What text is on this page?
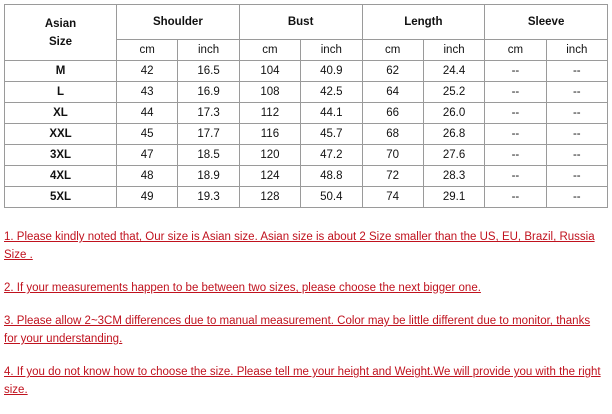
Asian
Size	Shoulder		Bust		Length		Sleeve	
	cm	inch	cm	inch	cm	inch	cm	inch
M	42	16.5	104	40.9	62	24.4	--	--
L	43	16.9	108	42.5	64	25.2	--	--
XL	44	17.3	112	44.1	66	26.0	--	--
XXL	45	17.7	116	45.7	68	26.8	--	--
3XL	47	18.5	120	47.2	70	27.6	--	--
4XL	48	18.9	124	48.8	72	28.3	--	--
5XL	49	19.3	128	50.4	74	29.1	--	--

1. Please kindly noted that, Our size is Asian size. Asian size is about 2 Size smaller than the US, EU, Brazil, Russia Size .

2. If your measurements happen to be between two sizes, please choose the next bigger one.

3. Please allow 2~3CM differences due to manual measurement. Color may be little different due to monitor, thanks for your understanding.

4. If you do not know how to choose the size. Please tell me your height and Weight.We will provide you with the right size.
